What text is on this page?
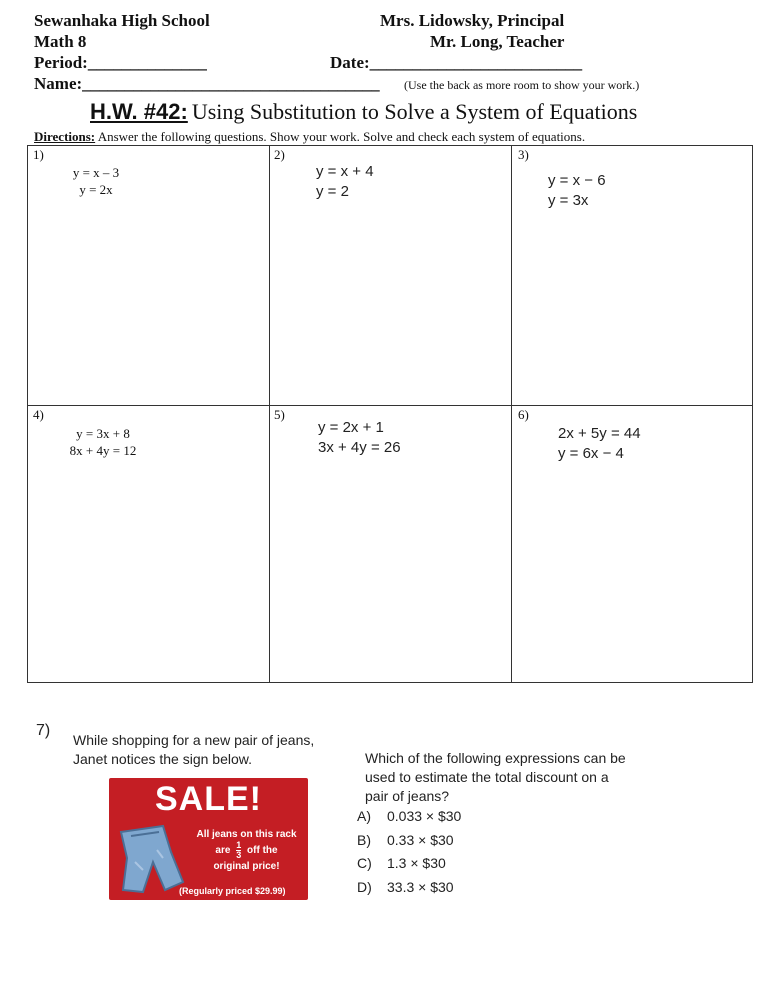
Sewanhaka High School
Math 8
Period:______________
Name:___________________________________
Mrs. Lidowsky, Principal
Mr. Long, Teacher
Date:_________________________
(Use the back as more room to show your work.)
H.W. #42: Using Substitution to Solve a System of Equations
Directions: Answer the following questions. Show your work. Solve and check each system of equations.
1)
y = x – 3
y = 2x
2)
y = x + 4
y = 2
3)
y = x − 6
y = 3x
4)
y = 3x + 8
8x + 4y = 12
5)
y = 2x + 1
3x + 4y = 26
6)
2x + 5y = 44
y = 6x − 4
7)
While shopping for a new pair of jeans,
Janet notices the sign below.
SALE!
All jeans on this rack
are $\frac{1}{3}$ off the
original price!
(Regularly priced $29.99)
Which of the following expressions can be
used to estimate the total discount on a
pair of jeans?
A) 0.033 × $30
B) 0.33 × $30
C) 1.3 × $30
D) 33.3 × $30
